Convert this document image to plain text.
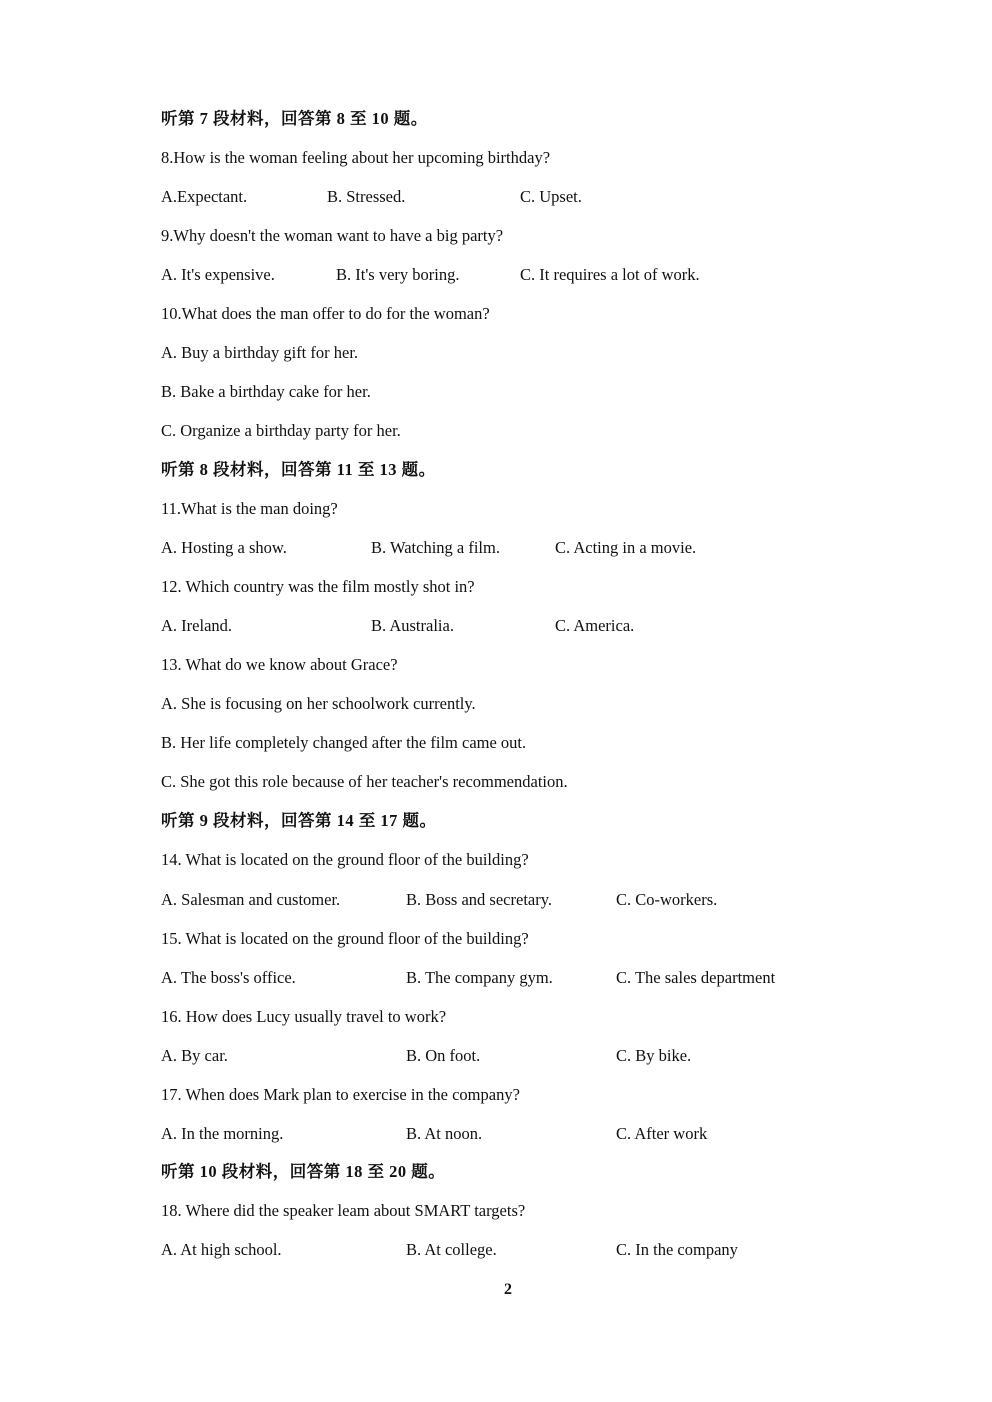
听第 7 段材料，回答第 8 至 10 题。
8.How is the woman feeling about her upcoming birthday?
A.Expectant.	B. Stressed.	C. Upset.
9.Why doesn't the woman want to have a big party?
A. It's expensive.	B. It's very boring.	C. It requires a lot of work.
10.What does the man offer to do for the woman?
A. Buy a birthday gift for her.
B. Bake a birthday cake for her.
C. Organize a birthday party for her.
听第 8 段材料，回答第 11 至 13 题。
11.What is the man doing?
A. Hosting a show.	B. Watching a film.	C. Acting in a movie.
12. Which country was the film mostly shot in?
A. Ireland.	B. Australia.	C. America.
13. What do we know about Grace?
A. She is focusing on her schoolwork currently.
B. Her life completely changed after the film came out.
C. She got this role because of her teacher's recommendation.
听第 9 段材料，回答第 14 至 17 题。
14. What is located on the ground floor of the building?
A. Salesman and customer.	B. Boss and secretary.	C. Co-workers.
15. What is located on the ground floor of the building?
A. The boss's office.	B. The company gym.	C. The sales department
16. How does Lucy usually travel to work?
A. By car.	B. On foot.	C. By bike.
17. When does Mark plan to exercise in the company?
A. In the morning.	B. At noon.	C. After work
听第 10 段材料，回答第 18 至 20 题。
18. Where did the speaker leam about SMART targets?
A. At high school.	B. At college.	C. In the company
2
